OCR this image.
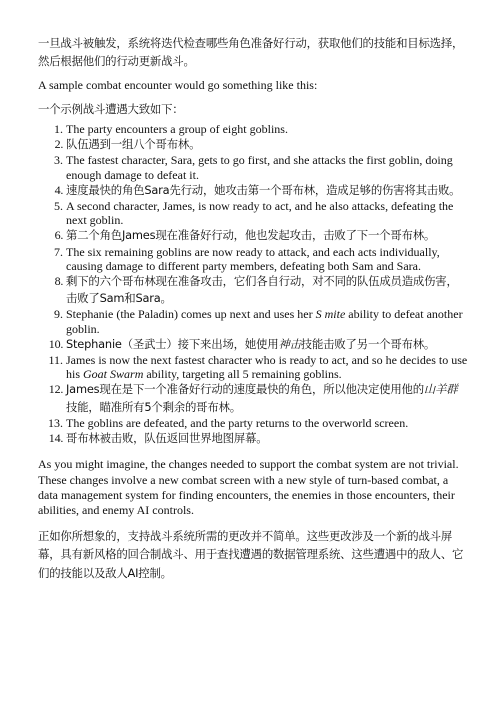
一旦战斗被触发，系统将迭代检查哪些角色准备好行动，获取他们的技能和目标选择，然后根据他们的行动更新战斗。

A sample combat encounter would go something like this:

一个示例战斗遭遇大致如下：

1. The party encounters a group of eight goblins.
2. 队伍遇到一组八个哥布林。
3. The fastest character, Sara, gets to go first, and she attacks the first goblin, doing enough damage to defeat it.
4. 速度最快的角色Sara先行动，她攻击第一个哥布林，造成足够的伤害将其击败。
5. A second character, James, is now ready to act, and he also attacks, defeating the next goblin.
6. 第二个角色James现在准备好行动，他也发起攻击，击败了下一个哥布林。
7. The six remaining goblins are now ready to attack, and each acts individually, causing damage to different party members, defeating both Sam and Sara.
8. 剩下的六个哥布林现在准备攻击，它们各自行动，对不同的队伍成员造成伤害，击败了Sam和Sara。
9. Stephanie (the Paladin) comes up next and uses her S mite ability to defeat another goblin.
10. Stephanie（圣武士）接下来出场，她使用神击技能击败了另一个哥布林。
11. James is now the next fastest character who is ready to act, and so he decides to use his Goat Swarm ability, targeting all 5 remaining goblins.
12. James现在是下一个准备好行动的速度最快的角色，所以他决定使用他的山羊群技能，瞄准所有5个剩余的哥布林。
13. The goblins are defeated, and the party returns to the overworld screen.
14. 哥布林被击败，队伍返回世界地图屏幕。

As you might imagine, the changes needed to support the combat system are not trivial. These changes involve a new combat screen with a new style of turn-based combat, a data management system for finding encounters, the enemies in those encounters, their abilities, and enemy AI controls.

正如你所想象的，支持战斗系统所需的更改并不简单。这些更改涉及一个新的战斗屏幕，具有新风格的回合制战斗、用于查找遭遇的数据管理系统、这些遭遇中的敌人、它们的技能以及敌人AI控制。
